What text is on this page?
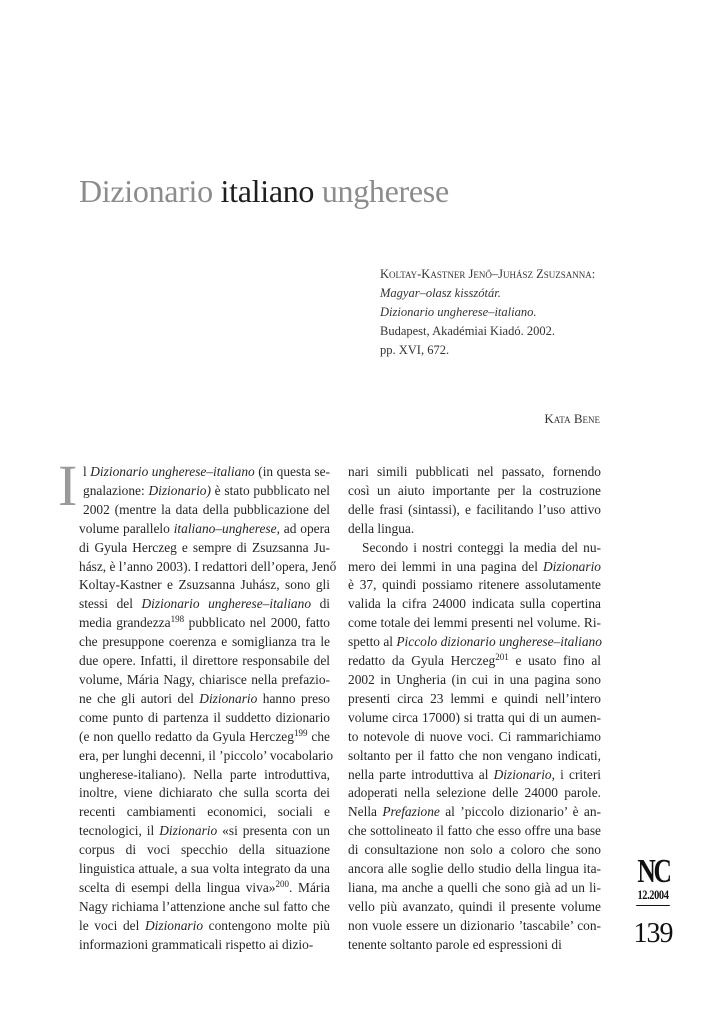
Dizionario italiano ungherese
Koltay-Kastner Jenő–Juhász Zsuzsanna:
Magyar–olasz kisszótár.
Dizionario ungherese–italiano.
Budapest, Akadémiai Kiadó. 2002.
pp. XVI, 672.
Kata Bene
I l Dizionario ungherese–italiano (in questa se-
gnalazione: Dizionario) è stato pubblicato nel
2002 (mentre la data della pubblicazione del
volume parallelo italiano–ungherese, ad opera
di Gyula Herczeg e sempre di Zsuzsanna Ju-
hász, è l’anno 2003). I redattori dell’opera, Jenő
Koltay-Kastner e Zsuzsanna Juhász, sono gli
stessi del Dizionario ungherese–italiano di
media grandezza$^{198}$ pubblicato nel 2000, fatto
che presuppone coerenza e somiglianza tra le
due opere. Infatti, il direttore responsabile del
volume, Mária Nagy, chiarisce nella prefazio-
ne che gli autori del Dizionario hanno preso
come punto di partenza il suddetto dizionario
(e non quello redatto da Gyula Herczeg$^{199}$ che
era, per lunghi decenni, il ’piccolo’ vocabolario
ungherese-italiano). Nella parte introduttiva,
inoltre, viene dichiarato che sulla scorta dei
recenti cambiamenti economici, sociali e
tecnologici, il Dizionario «si presenta con un
corpus di voci specchio della situazione
linguistica attuale, a sua volta integrato da una
scelta di esempi della lingua viva»$^{200}$. Mária
Nagy richiama l’attenzione anche sul fatto che
le voci del Dizionario contengono molte più
informazioni grammaticali rispetto ai dizio-
nari simili pubblicati nel passato, fornendo
così un aiuto importante per la costruzione
delle frasi (sintassi), e facilitando l’uso attivo
della lingua.
Secondo i nostri conteggi la media del nu-
mero dei lemmi in una pagina del Dizionario
è 37, quindi possiamo ritenere assolutamente
valida la cifra 24000 indicata sulla copertina
come totale dei lemmi presenti nel volume. Ri-
spetto al Piccolo dizionario ungherese–italiano
redatto da Gyula Herczeg$^{201}$ e usato fino al
2002 in Ungheria (in cui in una pagina sono
presenti circa 23 lemmi e quindi nell’intero
volume circa 17000) si tratta qui di un aumen-
to notevole di nuove voci. Ci rammarichiamo
soltanto per il fatto che non vengano indicati,
nella parte introduttiva al Dizionario, i criteri
adoperati nella selezione delle 24000 parole.
Nella Prefazione al ’piccolo dizionario’ è an-
che sottolineato il fatto che esso offre una base
di consultazione non solo a coloro che sono
ancora alle soglie dello studio della lingua ita-
liana, ma anche a quelli che sono già ad un li-
vello più avanzato, quindi il presente volume
non vuole essere un dizionario ’tascabile’ con-
tenente soltanto parole ed espressioni di
NC
12.2004
139
